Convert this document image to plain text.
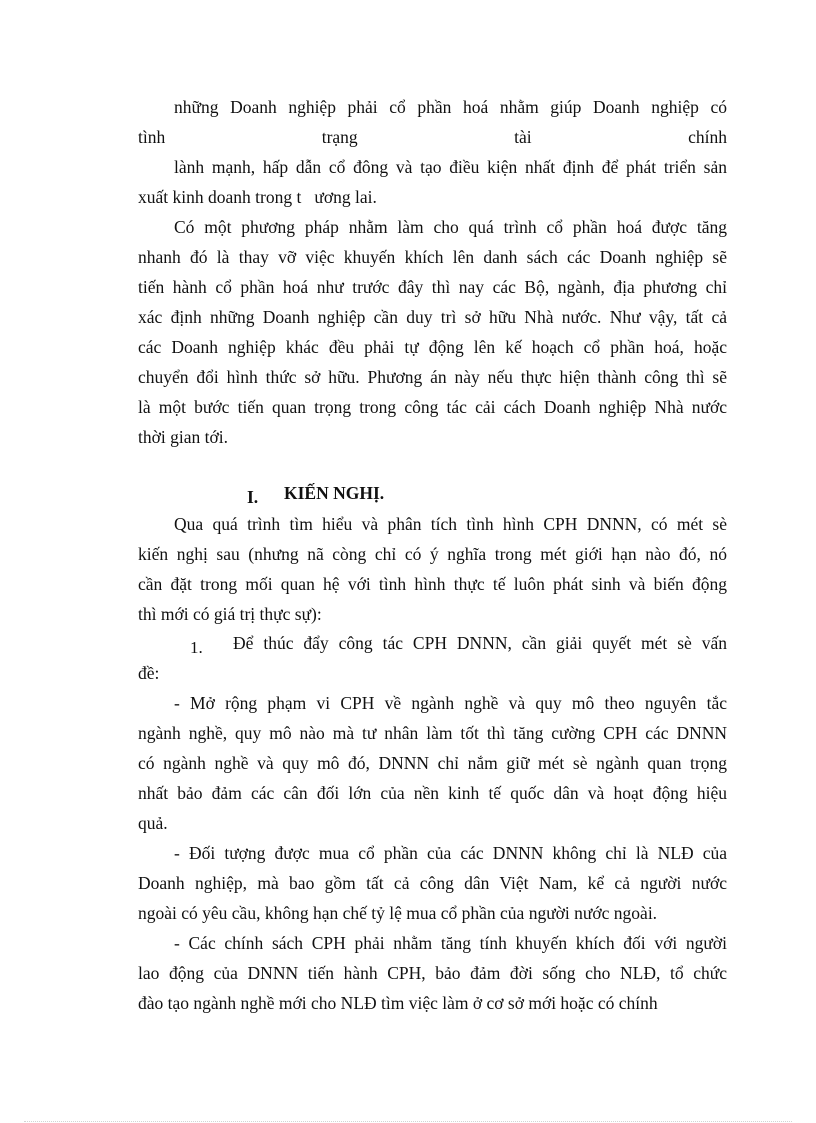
những Doanh nghiệp phải cổ phần hoá nhằm giúp Doanh nghiệp có
tình	trạng	tài	chính
lành mạnh, hấp dẫn cổ đông và tạo điều kiện nhất định để phát triển sản
xuất kinh doanh trong t   ương lai.
Có một phương pháp nhằm làm cho quá trình cổ phần hoá được tăng
nhanh đó là thay vỡ việc khuyến khích lên danh sách các Doanh nghiệp sẽ
tiến hành cổ phần hoá như trước đây thì nay các Bộ, ngành, địa phương chỉ
xác định những Doanh nghiệp cần duy trì sở hữu Nhà nước. Như vậy, tất cả
các Doanh nghiệp khác đều phải tự động lên kế hoạch cổ phần hoá, hoặc
chuyển đổi hình thức sở hữu. Phương án này nếu thực hiện thành công thì sẽ
là một bước tiến quan trọng trong công tác cải cách Doanh nghiệp Nhà nước
thời gian tới.
I. KIẾN NGHỊ.
Qua quá trình tìm hiểu và phân tích tình hình CPH DNNN, có mét sè
kiến nghị sau (nhưng nã còng chỉ có ý nghĩa trong mét giới hạn nào đó, nó
cần đặt trong mối quan hệ với tình hình thực tế luôn phát sinh và biến động
thì mới có giá trị thực sự):
1. Để thúc đẩy công tác CPH DNNN, cần giải quyết mét sè vấn
đề:
- Mở rộng phạm vi CPH về ngành nghề và quy mô theo nguyên tắc
ngành nghề, quy mô nào mà tư nhân làm tốt thì tăng cường CPH các DNNN
có ngành nghề và quy mô đó, DNNN chỉ nắm giữ mét sè ngành quan trọng
nhất bảo đảm các cân đối lớn của nền kinh tế quốc dân và hoạt động hiệu
quả.
- Đối tượng được mua cổ phần của các DNNN không chỉ là NLĐ của
Doanh nghiệp, mà bao gồm tất cả công dân Việt Nam, kể cả người nước
ngoài có yêu cầu, không hạn chế tỷ lệ mua cổ phần của người nước ngoài.
- Các chính sách CPH phải nhằm tăng tính khuyến khích đối với người
lao động của DNNN tiến hành CPH, bảo đảm đời sống cho NLĐ, tổ chức
đào tạo ngành nghề mới cho NLĐ tìm việc làm ở cơ sở mới hoặc có chính
